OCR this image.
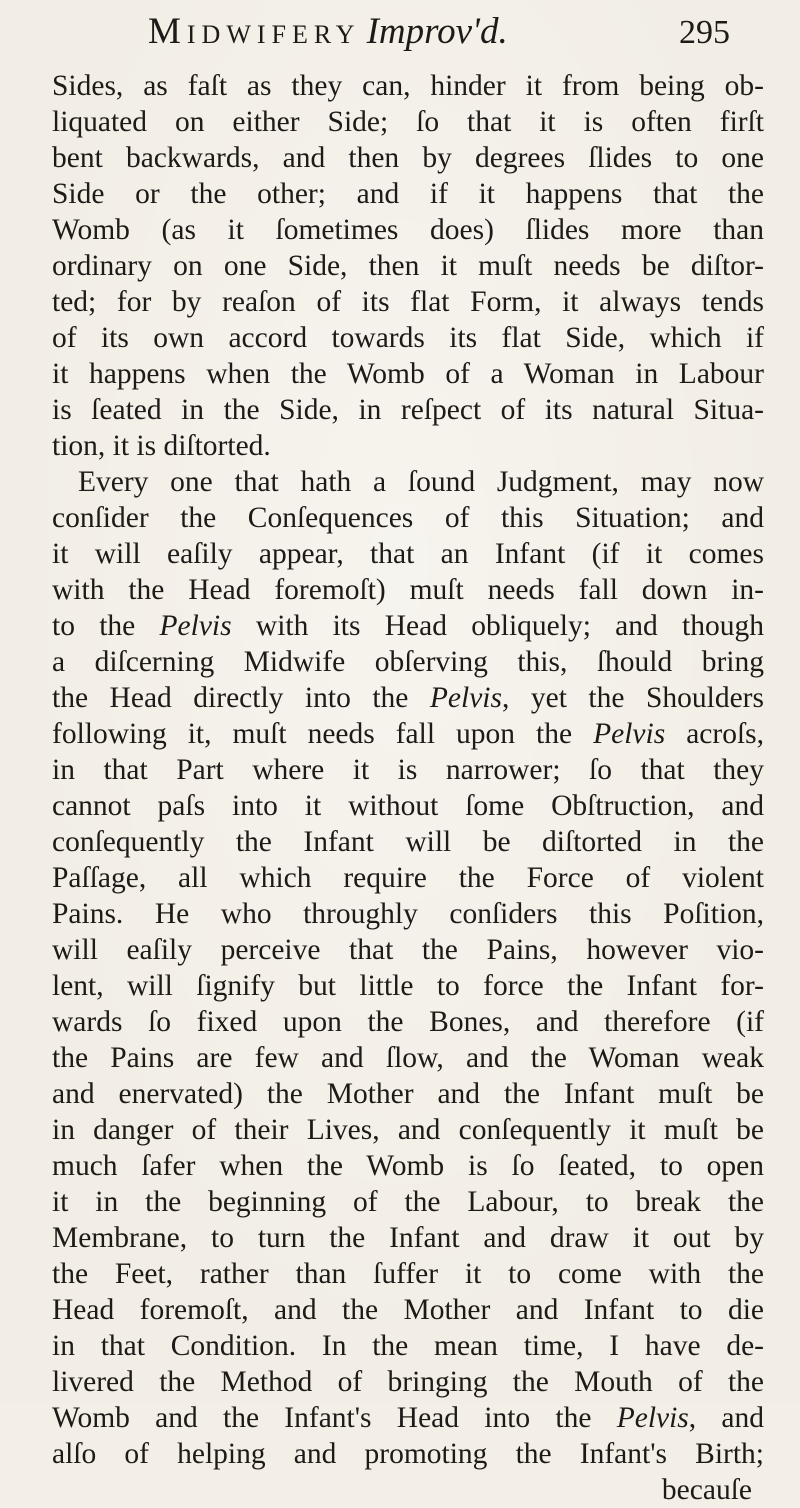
Midwifery Improv'd.	295
Sides, as faſt as they can, hinder it from being ob-
liquated on either Side; ſo that it is often firſt
bent backwards, and then by degrees ſlides to one
Side or the other; and if it happens that the
Womb (as it ſometimes does) ſlides more than
ordinary on one Side, then it muſt needs be diſtor-
ted; for by reaſon of its flat Form, it always tends
of its own accord towards its flat Side, which if
it happens when the Womb of a Woman in Labour
is ſeated in the Side, in reſpect of its natural Situa-
tion, it is diſtorted.
Every one that hath a ſound Judgment, may now
conſider the Conſequences of this Situation; and
it will eaſily appear, that an Infant (if it comes
with the Head foremoſt) muſt needs fall down in-
to the Pelvis with its Head obliquely; and though
a diſcerning Midwife obſerving this, ſhould bring
the Head directly into the Pelvis, yet the Shoulders
following it, muſt needs fall upon the Pelvis acroſs,
in that Part where it is narrower; ſo that they
cannot paſs into it without ſome Obſtruction, and
conſequently the Infant will be diſtorted in the
Paſſage, all which require the Force of violent
Pains. He who throughly conſiders this Poſition,
will eaſily perceive that the Pains, however vio-
lent, will ſignify but little to force the Infant for-
wards ſo fixed upon the Bones, and therefore (if
the Pains are few and ſlow, and the Woman weak
and enervated) the Mother and the Infant muſt be
in danger of their Lives, and conſequently it muſt be
much ſafer when the Womb is ſo ſeated, to open
it in the beginning of the Labour, to break the
Membrane, to turn the Infant and draw it out by
the Feet, rather than ſuffer it to come with the
Head foremoſt, and the Mother and Infant to die
in that Condition. In the mean time, I have de-
livered the Method of bringing the Mouth of the
Womb and the Infant's Head into the Pelvis, and
alſo of helping and promoting the Infant's Birth;
becauſe
